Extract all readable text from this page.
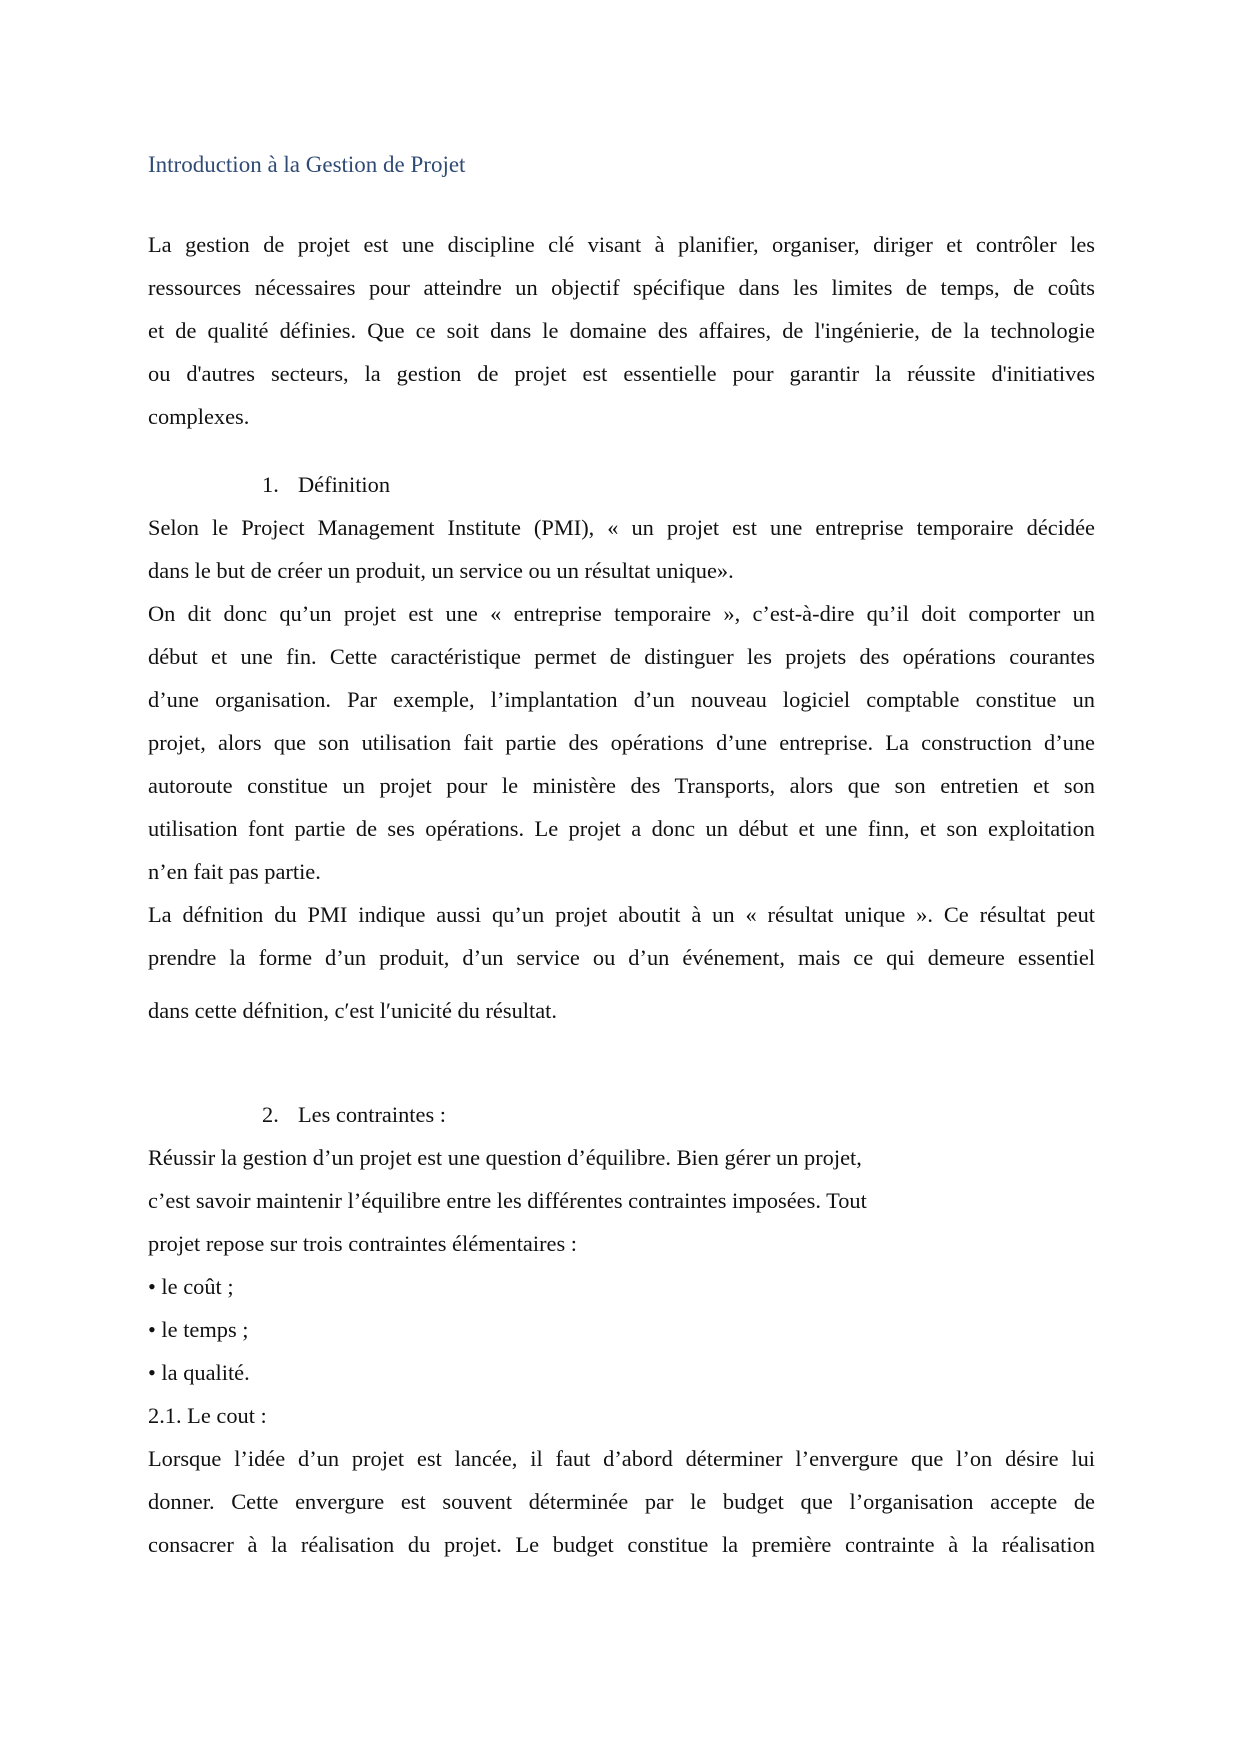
Introduction à la Gestion de Projet
La gestion de projet est une discipline clé visant à planifier, organiser, diriger et contrôler les
ressources nécessaires pour atteindre un objectif spécifique dans les limites de temps, de coûts
et de qualité définies. Que ce soit dans le domaine des affaires, de l'ingénierie, de la technologie
ou d'autres secteurs, la gestion de projet est essentielle pour garantir la réussite d'initiatives
complexes.
1. Définition
Selon le Project Management Institute (PMI), « un projet est une entreprise temporaire décidée
dans le but de créer un produit, un service ou un résultat unique».
On dit donc qu’un projet est une « entreprise temporaire », c’est-à-dire qu’il doit comporter un
début et une fin. Cette caractéristique permet de distinguer les projets des opérations courantes
d’une organisation. Par exemple, l’implantation d’un nouveau logiciel comptable constitue un
projet, alors que son utilisation fait partie des opérations d’une entreprise. La construction d’une
autoroute constitue un projet pour le ministère des Transports, alors que son entretien et son
utilisation font partie de ses opérations. Le projet a donc un début et une finn, et son exploitation
n’en fait pas partie.
La défnition du PMI indique aussi qu’un projet aboutit à un « résultat unique ». Ce résultat peut
prendre la forme d’un produit, d’un service ou d’un événement, mais ce qui demeure essentiel
dans cette défnition, c′est l′unicité du résultat.
2. Les contraintes :
Réussir la gestion d’un projet est une question d’équilibre. Bien gérer un projet,
c’est savoir maintenir l’équilibre entre les différentes contraintes imposées. Tout
projet repose sur trois contraintes élémentaires :
• le coût ;
• le temps ;
• la qualité.
2.1. Le cout :
Lorsque l’idée d’un projet est lancée, il faut d’abord déterminer l’envergure que l’on désire lui
donner. Cette envergure est souvent déterminée par le budget que l’organisation accepte de
consacrer à la réalisation du projet. Le budget constitue la première contrainte à la réalisation
